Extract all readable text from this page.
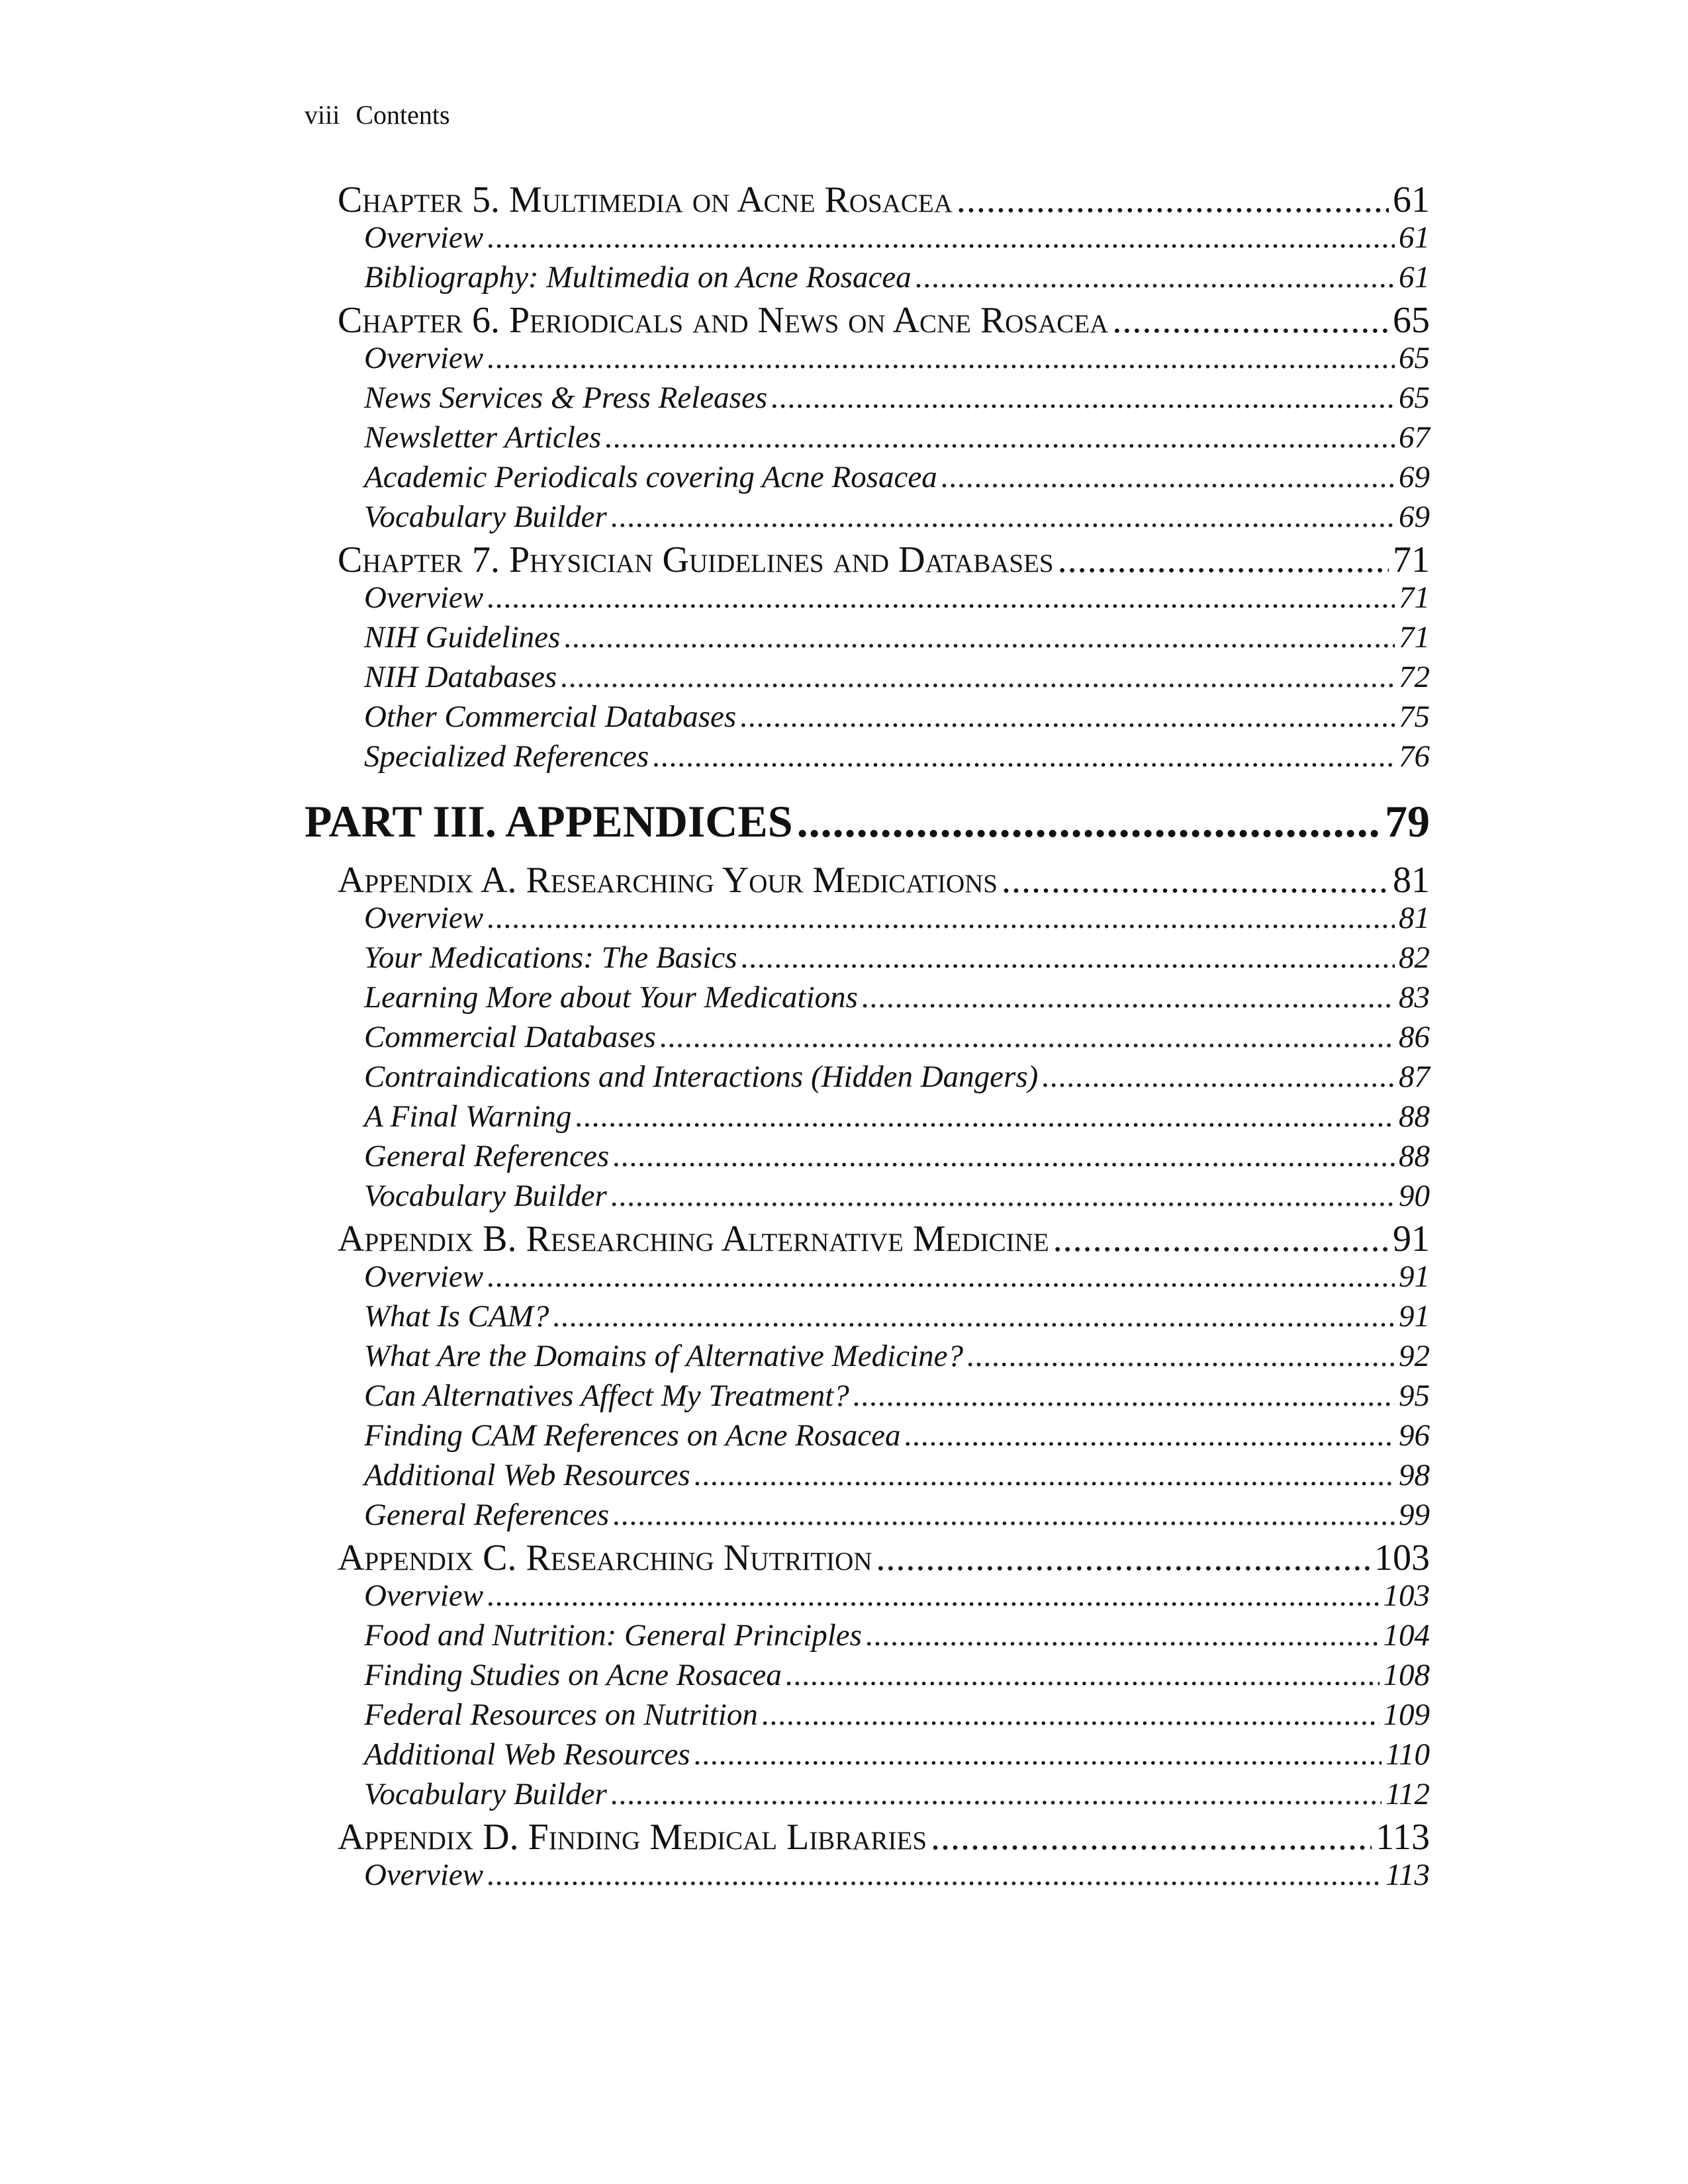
viii Contents
Chapter 5. Multimedia on Acne Rosacea .....	61
Overview .....	61
Bibliography: Multimedia on Acne Rosacea .....	61
Chapter 6. Periodicals and News on Acne Rosacea .....	65
Overview .....	65
News Services & Press Releases .....	65
Newsletter Articles .....	67
Academic Periodicals covering Acne Rosacea .....	69
Vocabulary Builder .....	69
Chapter 7. Physician Guidelines and Databases .....	71
Overview .....	71
NIH Guidelines .....	71
NIH Databases .....	72
Other Commercial Databases .....	75
Specialized References .....	76
PART III. APPENDICES .....	79
Appendix A. Researching Your Medications .....	81
Overview .....	81
Your Medications: The Basics .....	82
Learning More about Your Medications .....	83
Commercial Databases .....	86
Contraindications and Interactions (Hidden Dangers) .....	87
A Final Warning .....	88
General References .....	88
Vocabulary Builder .....	90
Appendix B. Researching Alternative Medicine .....	91
Overview .....	91
What Is CAM? .....	91
What Are the Domains of Alternative Medicine? .....	92
Can Alternatives Affect My Treatment? .....	95
Finding CAM References on Acne Rosacea .....	96
Additional Web Resources .....	98
General References .....	99
Appendix C. Researching Nutrition .....	103
Overview .....	103
Food and Nutrition: General Principles .....	104
Finding Studies on Acne Rosacea .....	108
Federal Resources on Nutrition .....	109
Additional Web Resources .....	110
Vocabulary Builder .....	112
Appendix D. Finding Medical Libraries .....	113
Overview .....	113
